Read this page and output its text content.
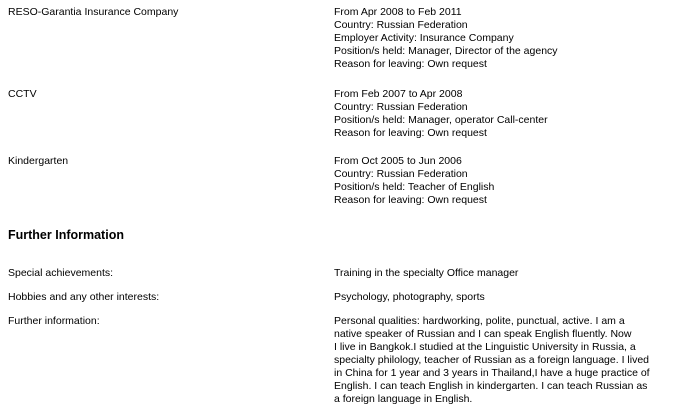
RESO-Garantia Insurance Company	From Apr 2008 to Feb 2011
Country: Russian Federation
Employer Activity: Insurance Company
Position/s held: Manager, Director of the agency
Reason for leaving: Own request
CCTV	From Feb 2007 to Apr 2008
Country: Russian Federation
Position/s held: Manager, operator Call-center
Reason for leaving: Own request
Kindergarten	From Oct 2005 to Jun 2006
Country: Russian Federation
Position/s held: Teacher of English
Reason for leaving: Own request
Further Information
Special achievements:	Training in the specialty Office manager
Hobbies and any other interests:	Psychology, photography, sports
Further information:	Personal qualities: hardworking, polite, punctual, active. I am a
native speaker of Russian and I can speak English fluently. Now
I live in Bangkok.I studied at the Linguistic University in Russia, a
specialty philology, teacher of Russian as a foreign language. I lived
in China for 1 year and 3 years in Thailand,I have a huge practice of
English. I can teach English in kindergarten. I can teach Russian as
a foreign language in English.
